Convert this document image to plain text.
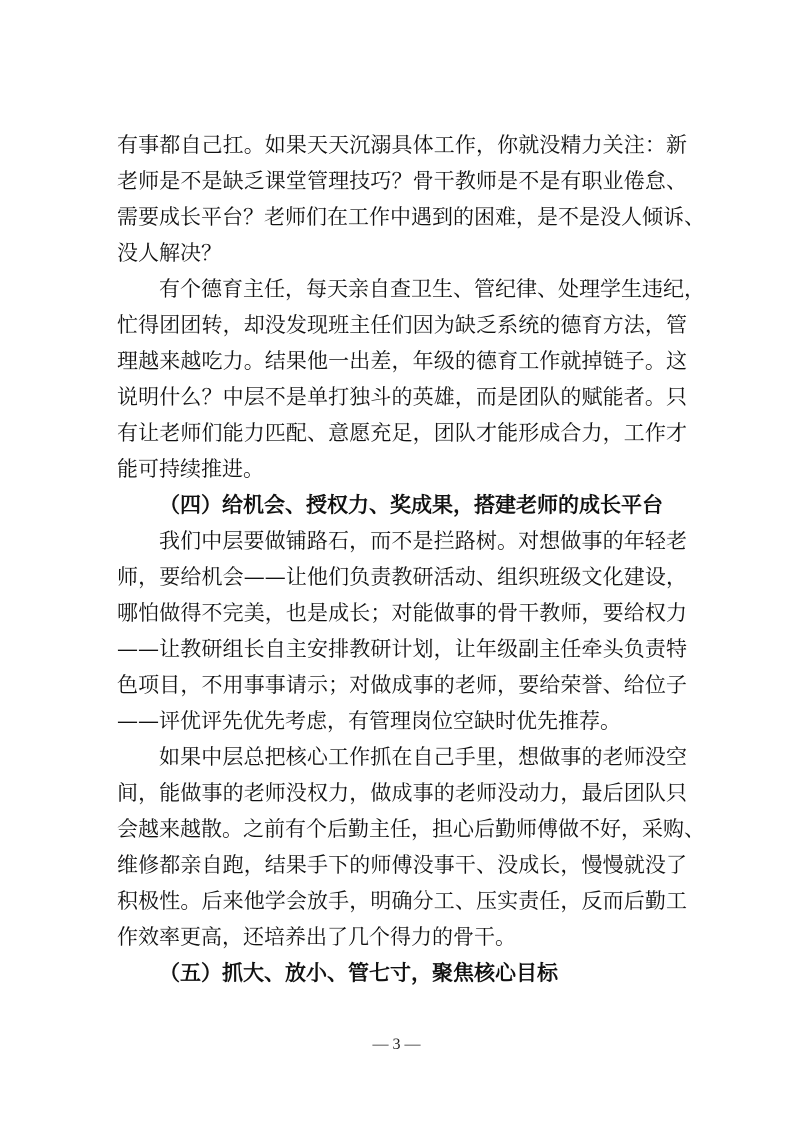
— 3 —
有事都自己扛。如果天天沉溺具体工作，你就没精力关注：新
老师是不是缺乏课堂管理技巧？骨干教师是不是有职业倦怠、
需要成长平台？老师们在工作中遇到的困难，是不是没人倾诉、
没人解决？
有个德育主任，每天亲自查卫生、管纪律、处理学生违纪，
忙得团团转，却没发现班主任们因为缺乏系统的德育方法，管
理越来越吃力。结果他一出差，年级的德育工作就掉链子。这
说明什么？中层不是单打独斗的英雄，而是团队的赋能者。只
有让老师们能力匹配、意愿充足，团队才能形成合力，工作才
能可持续推进。
（四）给机会、授权力、奖成果，搭建老师的成长平台
我们中层要做铺路石，而不是拦路树。对想做事的年轻老
师，要给机会——让他们负责教研活动、组织班级文化建设，
哪怕做得不完美，也是成长；对能做事的骨干教师，要给权力
——让教研组长自主安排教研计划，让年级副主任牵头负责特
色项目，不用事事请示；对做成事的老师，要给荣誉、给位子
——评优评先优先考虑，有管理岗位空缺时优先推荐。
如果中层总把核心工作抓在自己手里，想做事的老师没空
间，能做事的老师没权力，做成事的老师没动力，最后团队只
会越来越散。之前有个后勤主任，担心后勤师傅做不好，采购、
维修都亲自跑，结果手下的师傅没事干、没成长，慢慢就没了
积极性。后来他学会放手，明确分工、压实责任，反而后勤工
作效率更高，还培养出了几个得力的骨干。
（五）抓大、放小、管七寸，聚焦核心目标
